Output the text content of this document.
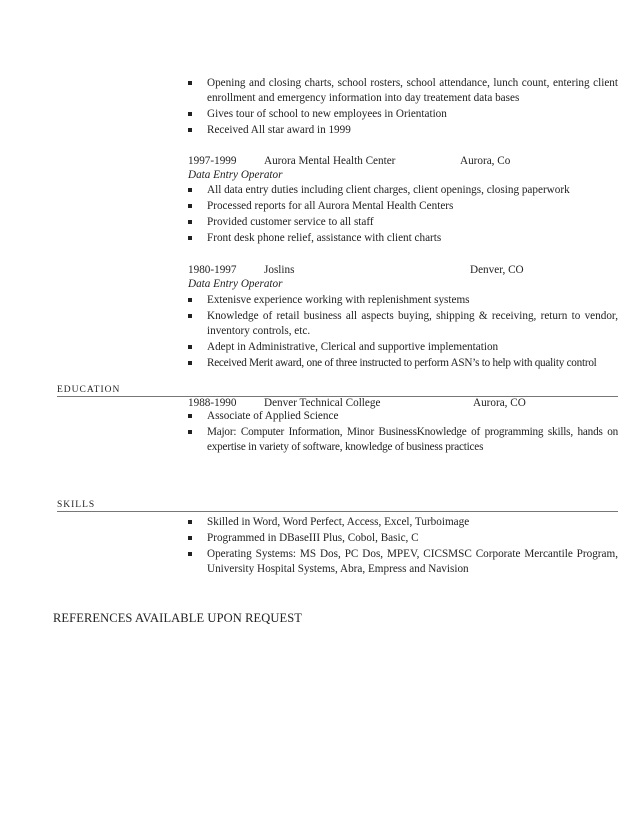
Opening and closing charts, school rosters, school attendance, lunch count, entering client enrollment and emergency information into day treatement data bases
Gives tour of school to new employees in Orientation
Received All star award in 1999
1997-1999 Aurora Mental Health Center	Aurora, Co
Data Entry Operator
All data entry duties including client charges, client openings, closing paperwork
Processed reports for all Aurora Mental Health Centers
Provided customer service to all staff
Front desk phone relief, assistance with client charts
1980-1997 Joslins	Denver, CO
Data Entry Operator
Extenisve experience working with replenishment systems
Knowledge of retail business all aspects buying, shipping & receiving, return to vendor, inventory controls, etc.
Adept in Administrative, Clerical and supportive implementation
Received Merit award, one of three instructed to perform ASN’s to help with quality control
EDUCATION
1988-1990 Denver Technical College	Aurora, CO
Associate of Applied Science
Major: Computer Information, Minor BusinessKnowledge of programming skills, hands on expertise in variety of software, knowledge of business practices
SKILLS
Skilled in Word, Word Perfect, Access, Excel, Turboimage
Programmed in DBaseIII Plus, Cobol, Basic, C
Operating Systems: MS Dos, PC Dos, MPEV, CICSMSC Corporate Mercantile Program, University Hospital Systems, Abra, Empress and Navision
REFERENCES AVAILABLE UPON REQUEST
